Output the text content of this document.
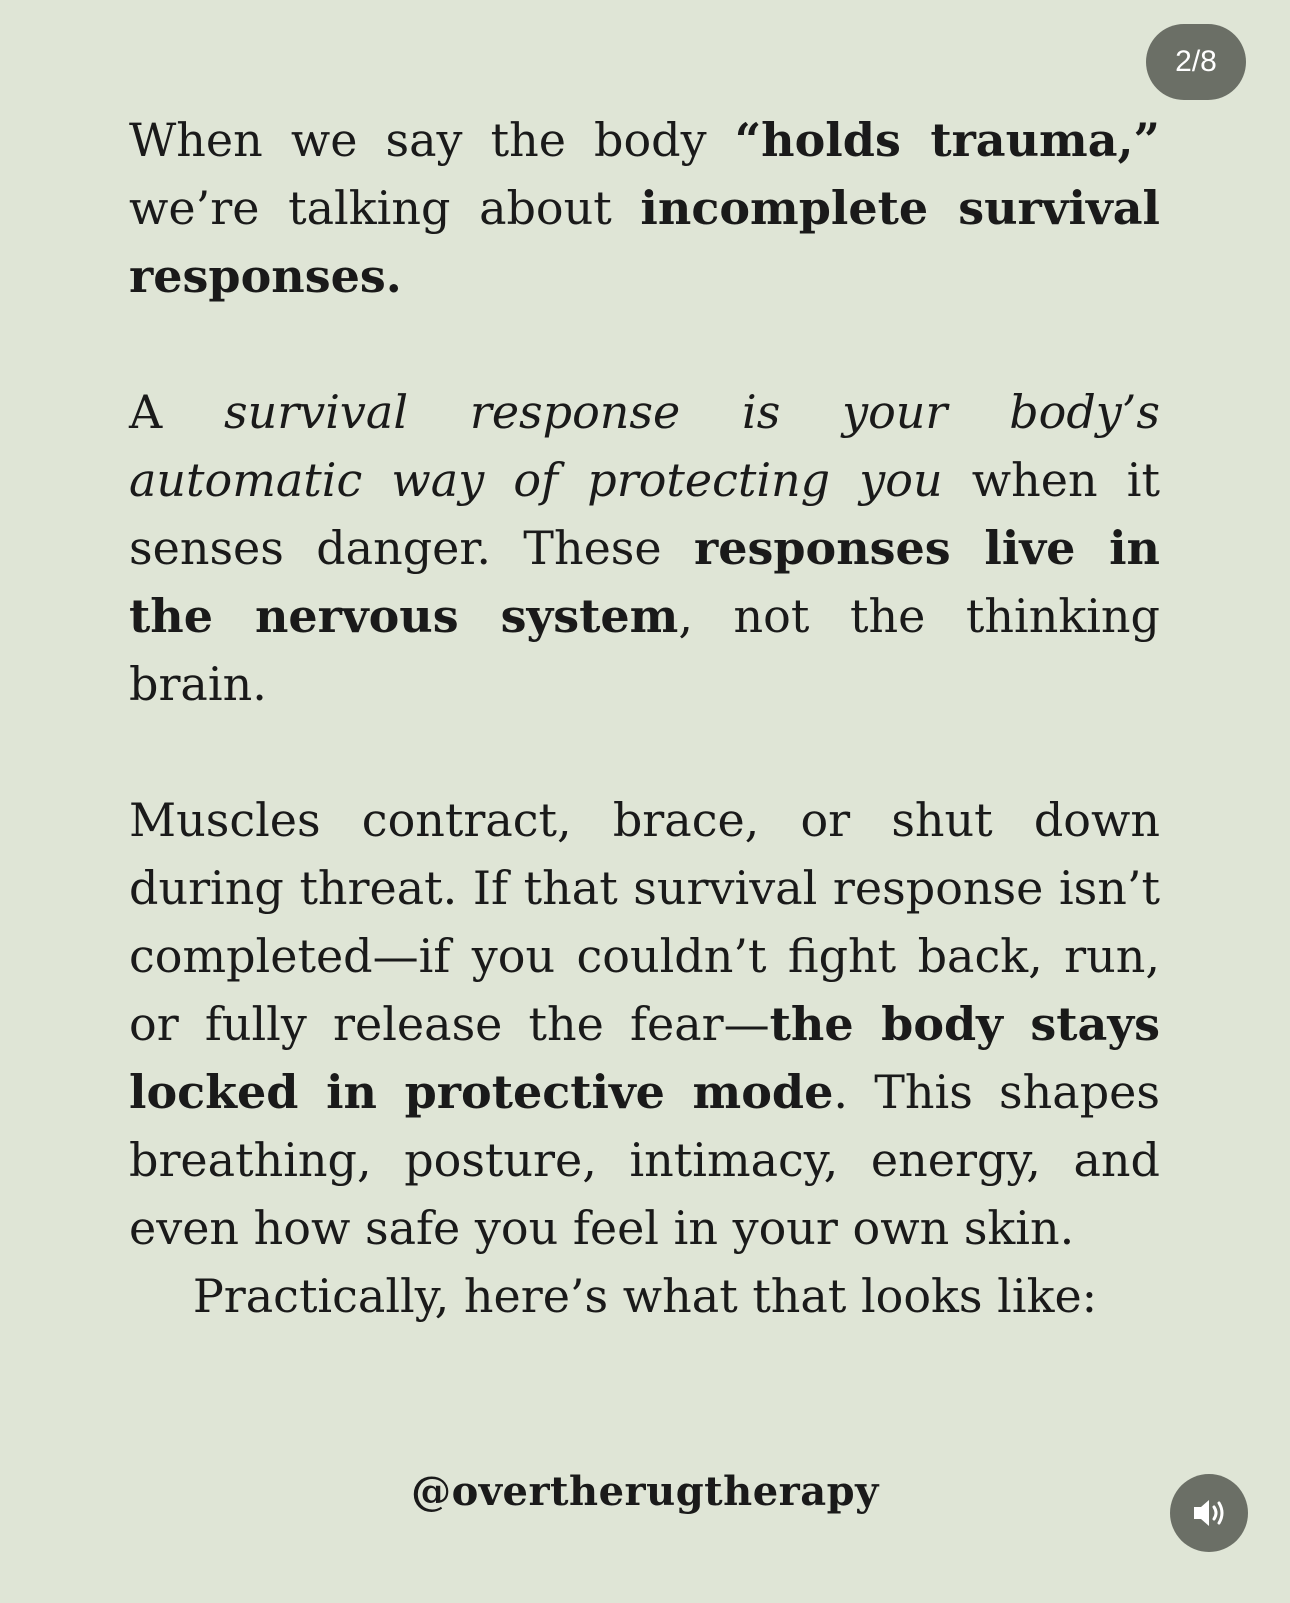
2/8

When we say the body “holds trauma,” we’re talking about incomplete survival responses.

A survival response is your body’s automatic way of protecting you when it senses danger. These responses live in the nervous system, not the thinking brain.

Muscles contract, brace, or shut down during threat. If that survival response isn’t completed—if you couldn’t fight back, run, or fully release the fear—the body stays locked in protective mode. This shapes breathing, posture, intimacy, energy, and even how safe you feel in your own skin.

Practically, here’s what that looks like:

@overtherugtherapy
